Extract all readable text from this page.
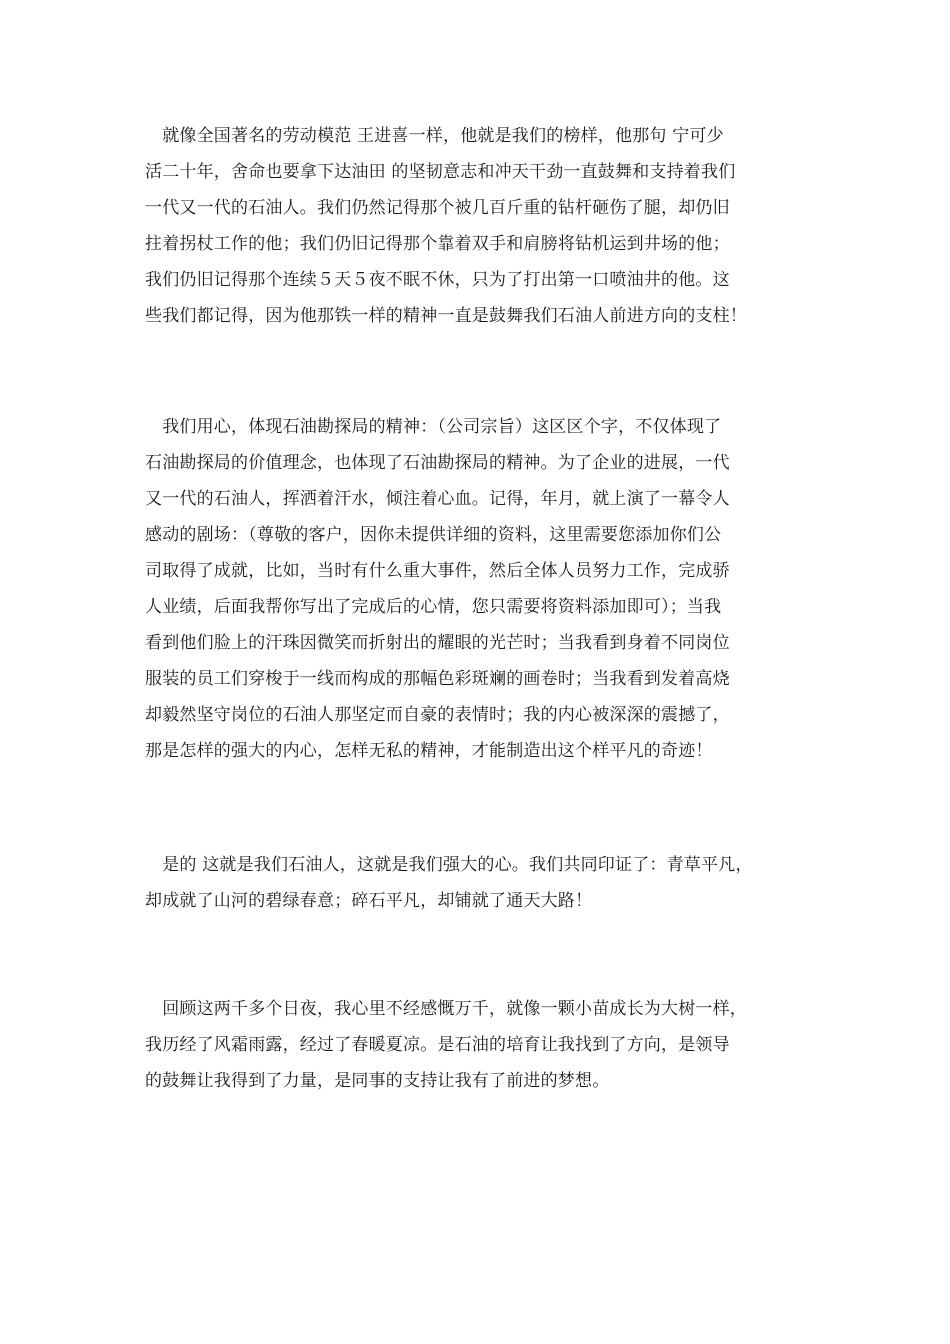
　就像全国著名的劳动模范 王进喜一样，他就是我们的榜样，他那句 宁可少
活二十年，舍命也要拿下达油田 的坚韧意志和冲天干劲一直鼓舞和支持着我们
一代又一代的石油人。我们仍然记得那个被几百斤重的钻杆砸伤了腿，却仍旧
拄着拐杖工作的他；我们仍旧记得那个靠着双手和肩膀将钻机运到井场的他；
我们仍旧记得那个连续５天５夜不眠不休，只为了打出第一口喷油井的他。这
些我们都记得，因为他那铁一样的精神一直是鼓舞我们石油人前进方向的支柱！

　我们用心，体现石油勘探局的精神：（公司宗旨）这区区个字，不仅体现了
石油勘探局的价值理念，也体现了石油勘探局的精神。为了企业的进展，一代
又一代的石油人，挥洒着汗水，倾注着心血。记得，年月，就上演了一幕令人
感动的剧场：（尊敬的客户，因你未提供详细的资料，这里需要您添加你们公
司取得了成就，比如，当时有什么重大事件，然后全体人员努力工作，完成骄
人业绩，后面我帮你写出了完成后的心情，您只需要将资料添加即可）；当我
看到他们脸上的汗珠因微笑而折射出的耀眼的光芒时；当我看到身着不同岗位
服装的员工们穿梭于一线而构成的那幅色彩斑斓的画卷时；当我看到发着高烧
却毅然坚守岗位的石油人那坚定而自豪的表情时；我的内心被深深的震撼了，
那是怎样的强大的内心，怎样无私的精神，才能制造出这个样平凡的奇迹！

　是的 这就是我们石油人，这就是我们强大的心。我们共同印证了：青草平凡，
却成就了山河的碧绿春意；碎石平凡，却铺就了通天大路！

　回顾这两千多个日夜，我心里不经感慨万千，就像一颗小苗成长为大树一样，
我历经了风霜雨露，经过了春暖夏凉。是石油的培育让我找到了方向，是领导
的鼓舞让我得到了力量，是同事的支持让我有了前进的梦想。
